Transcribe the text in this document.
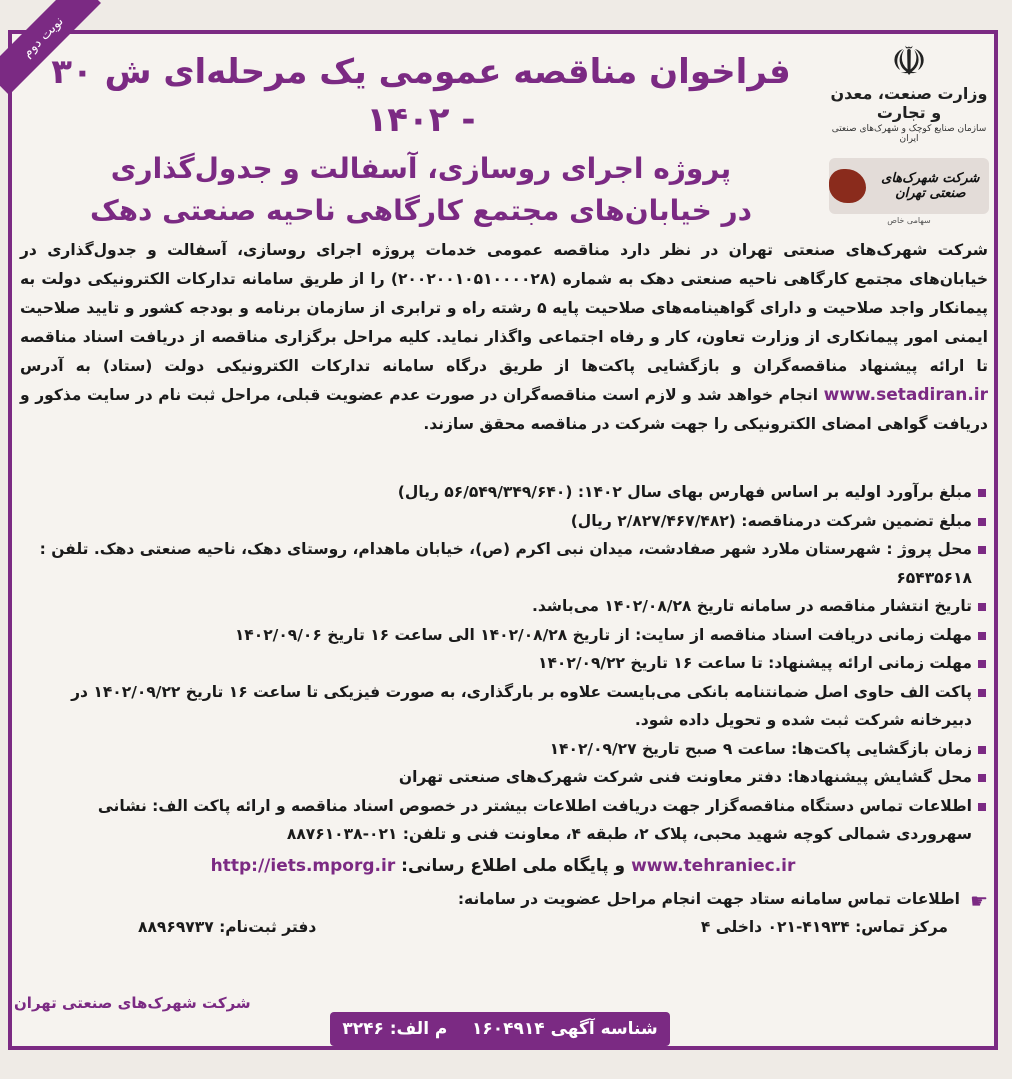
نوبت دوم
☫
وزارت صنعت، معدن و تجارت
سازمان صنایع کوچک و شهرک‌های صنعتی ایران
شرکت شهرک‌های صنعتی تهران
سهامی خاص
فراخوان مناقصه عمومی یک مرحله‌ای ش ۳۰ - ۱۴۰۲
پروژه اجرای روسازی، آسفالت و جدول‌گذاری
در خیابان‌های مجتمع کارگاهی ناحیه صنعتی دهک
شرکت شهرک‌های صنعتی تهران در نظر دارد مناقصه عمومی خدمات پروژه اجرای روسازی، آسفالت و جدول‌گذاری در خیابان‌های مجتمع کارگاهی ناحیه صنعتی دهک به شماره (۲۰۰۲۰۰۱۰۵۱۰۰۰۰۲۸) را از طریق سامانه تدارکات الکترونیکی دولت به پیمانکار واجد صلاحیت و دارای گواهینامه‌های صلاحیت پایه ۵ رشته راه و ترابری از سازمان برنامه و بودجه کشور و تایید صلاحیت ایمنی امور پیمانکاری از وزارت تعاون، کار و رفاه اجتماعی واگذار نماید. کلیه مراحل برگزاری مناقصه از دریافت اسناد مناقصه تا ارائه پیشنهاد مناقصه‌گران و بازگشایی پاکت‌ها از طریق درگاه سامانه تدارکات الکترونیکی دولت (ستاد) به آدرس www.setadiran.ir انجام خواهد شد و لازم است مناقصه‌گران در صورت عدم عضویت قبلی، مراحل ثبت نام در سایت مذکور و دریافت گواهی امضای الکترونیکی را جهت شرکت در مناقصه محقق سازند.
مبلغ برآورد اولیه بر اساس فهارس بهای سال ۱۴۰۲: (۵۶/۵۴۹/۳۴۹/۶۴۰ ریال)
مبلغ تضمین شرکت درمناقصه: (۲/۸۲۷/۴۶۷/۴۸۲ ریال)
محل پروژ : شهرستان ملارد شهر صفادشت، میدان نبی اکرم (ص)، خیابان ماهدام، روستای دهک، ناحیه صنعتی دهک. تلفن : ۶۵۴۳۵۶۱۸
تاریخ انتشار مناقصه در سامانه تاریخ ۱۴۰۲/۰۸/۲۸ می‌باشد.
مهلت زمانی دریافت اسناد مناقصه از سایت: از تاریخ ۱۴۰۲/۰۸/۲۸ الی ساعت ۱۶ تاریخ ۱۴۰۲/۰۹/۰۶
مهلت زمانی ارائه پیشنهاد: تا ساعت ۱۶ تاریخ ۱۴۰۲/۰۹/۲۲
پاکت الف حاوی اصل ضمانتنامه بانکی می‌بایست علاوه بر بارگذاری، به صورت فیزیکی تا ساعت ۱۶ تاریخ ۱۴۰۲/۰۹/۲۲ در دبیرخانه شرکت ثبت شده و تحویل داده شود.
زمان بازگشایی پاکت‌ها: ساعت ۹ صبح تاریخ ۱۴۰۲/۰۹/۲۷
محل گشایش پیشنهادها: دفتر معاونت فنی شرکت شهرک‌های صنعتی تهران
اطلاعات تماس دستگاه مناقصه‌گزار جهت دریافت اطلاعات بیشتر در خصوص اسناد مناقصه و ارائه پاکت الف: نشانی سهروردی شمالی کوچه شهید محبی، پلاک ۲، طبقه ۴، معاونت فنی و تلفن: ۰۲۱-۸۸۷۶۱۰۳۸
www.tehraniec.ir و پایگاه ملی اطلاع رسانی: http://iets.mporg.ir
☛
اطلاعات تماس سامانه ستاد جهت انجام مراحل عضویت در سامانه:
مرکز تماس: ۴۱۹۳۴-۰۲۱ داخلی ۴
دفتر ثبت‌نام: ۸۸۹۶۹۷۳۷
شرکت شهرک‌های صنعتی تهران
شناسه آگهی ۱۶۰۴۹۱۴
م الف: ۳۲۴۶
